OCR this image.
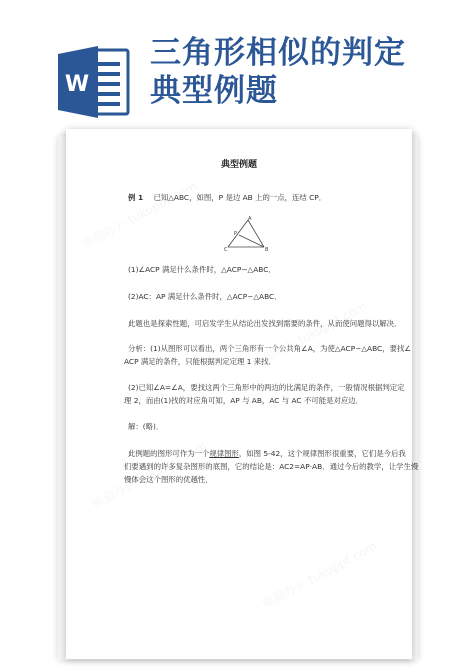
W
三角形相似的判定
典型例题
典型例题
例 1 已知△ABC，如图，P 是边 AB 上的一点，连结 CP．
A
B
C
P
(1)∠ACP 满足什么条件时，△ACP∽△ABC．
(2)AC：AP 满足什么条件时，△ACP∽△ABC．
此题也是探索性题，可启发学生从结论出发找到需要的条件，从而使问题得以解决．
分析：(1)从图形可以看出，两个三角形有一个公共角∠A，为使△ACP∽△ABC，要找∠
ACP 满足的条件，只能根据判定定理 1 来找．
(2)已知∠A=∠A，要找这两个三角形中的两边的比满足的条件，一般情况根据判定定
理 2，而由(1)找的对应角可知，AP 与 AB，AC 与 AC 不可能是对应边．
解：(略)．
此例题的图形可作为一个规律图形，如图 5-42，这个规律图形很重要，它们是今后我
们要遇到的许多复杂图形的底图，它的结论是：AC2=AP·AB．通过今后的教学，让学生慢
慢体会这个图形的优越性．
